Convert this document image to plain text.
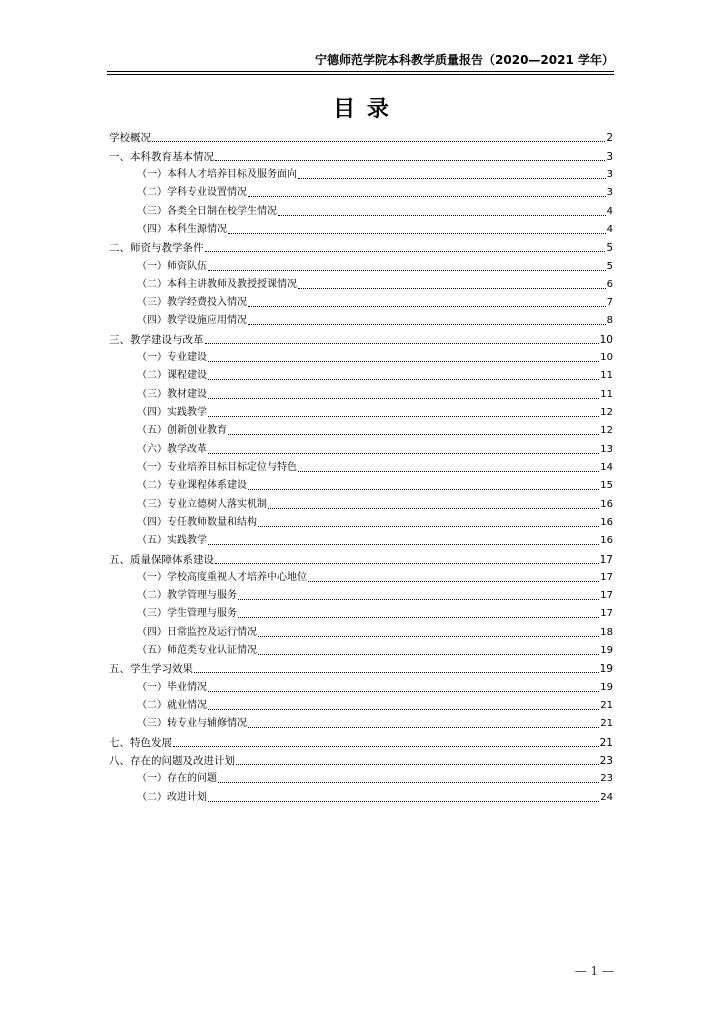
宁德师范学院本科教学质量报告（2020—2021 学年）
目 录
学校概况	2
一、本科教育基本情况	3
（一）本科人才培养目标及服务面向	3
（二）学科专业设置情况	3
（三）各类全日制在校学生情况	4
（四）本科生源情况	4
二、师资与教学条件	5
（一）师资队伍	5
（二）本科主讲教师及教授授课情况	6
（三）教学经费投入情况	7
（四）教学设施应用情况	8
三、教学建设与改革	10
（一）专业建设	10
（二）课程建设	11
（三）教材建设	11
（四）实践教学	12
（五）创新创业教育	12
（六）教学改革	13
（一）专业培养目标目标定位与特色	14
（二）专业课程体系建设	15
（三）专业立德树人落实机制	16
（四）专任教师数量和结构	16
（五）实践教学	16
五、质量保障体系建设	17
（一）学校高度重视人才培养中心地位	17
（二）教学管理与服务	17
（三）学生管理与服务	17
（四）日常监控及运行情况	18
（五）师范类专业认证情况	19
五、学生学习效果	19
（一）毕业情况	19
（二）就业情况	21
（三）转专业与辅修情况	21
七、特色发展	21
八、存在的问题及改进计划	23
（一）存在的问题	23
（二）改进计划	24
— 1 —
